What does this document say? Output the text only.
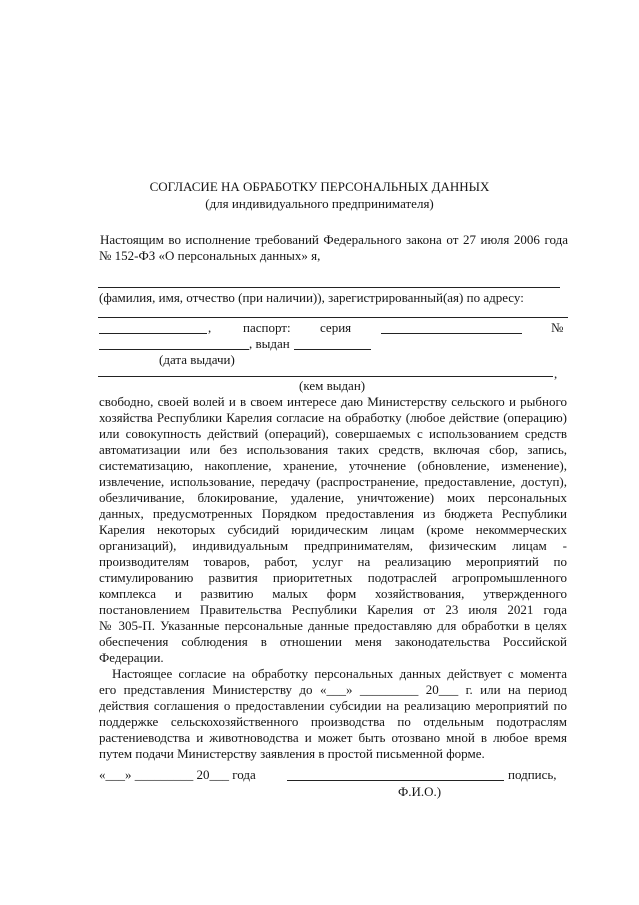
СОГЛАСИЕ НА ОБРАБОТКУ ПЕРСОНАЛЬНЫХ ДАННЫХ
(для индивидуального предпринимателя)
Настоящим во исполнение требований Федерального закона от 27 июля 2006 года
№ 152-ФЗ «О персональных данных» я,
(фамилия, имя, отчество (при наличии)), зарегистрированный(ая) по адресу:
, паспорт: серия	№
, выдан
(дата выдачи)
,
(кем выдан)
свободно, своей волей и в своем интересе даю Министерству сельского и рыбного
хозяйства Республики Карелия согласие на обработку (любое действие (операцию)
или совокупность действий (операций), совершаемых с использованием средств
автоматизации или без использования таких средств, включая сбор, запись,
систематизацию, накопление, хранение, уточнение (обновление, изменение),
извлечение, использование, передачу (распространение, предоставление, доступ),
обезличивание, блокирование, удаление, уничтожение) моих персональных
данных, предусмотренных Порядком предоставления из бюджета Республики
Карелия некоторых субсидий юридическим лицам (кроме некоммерческих
организаций), индивидуальным предпринимателям, физическим лицам -
производителям товаров, работ, услуг на реализацию мероприятий по
стимулированию развития приоритетных подотраслей агропромышленного
комплекса и развитию малых форм хозяйствования, утвержденного
постановлением Правительства Республики Карелия от 23 июля 2021 года
№ 305-П. Указанные персональные данные предоставляю для обработки в целях
обеспечения соблюдения в отношении меня законодательства Российской
Федерации.
Настоящее согласие на обработку персональных данных действует с момента
его представления Министерству до «___» _________ 20___ г. или на период
действия соглашения о предоставлении субсидии на реализацию мероприятий по
поддержке сельскохозяйственного производства по отдельным подотраслям
растениеводства и животноводства и может быть отозвано мной в любое время
путем подачи Министерству заявления в простой письменной форме.
«___» _________ 20___ года	подпись,
Ф.И.О.)
